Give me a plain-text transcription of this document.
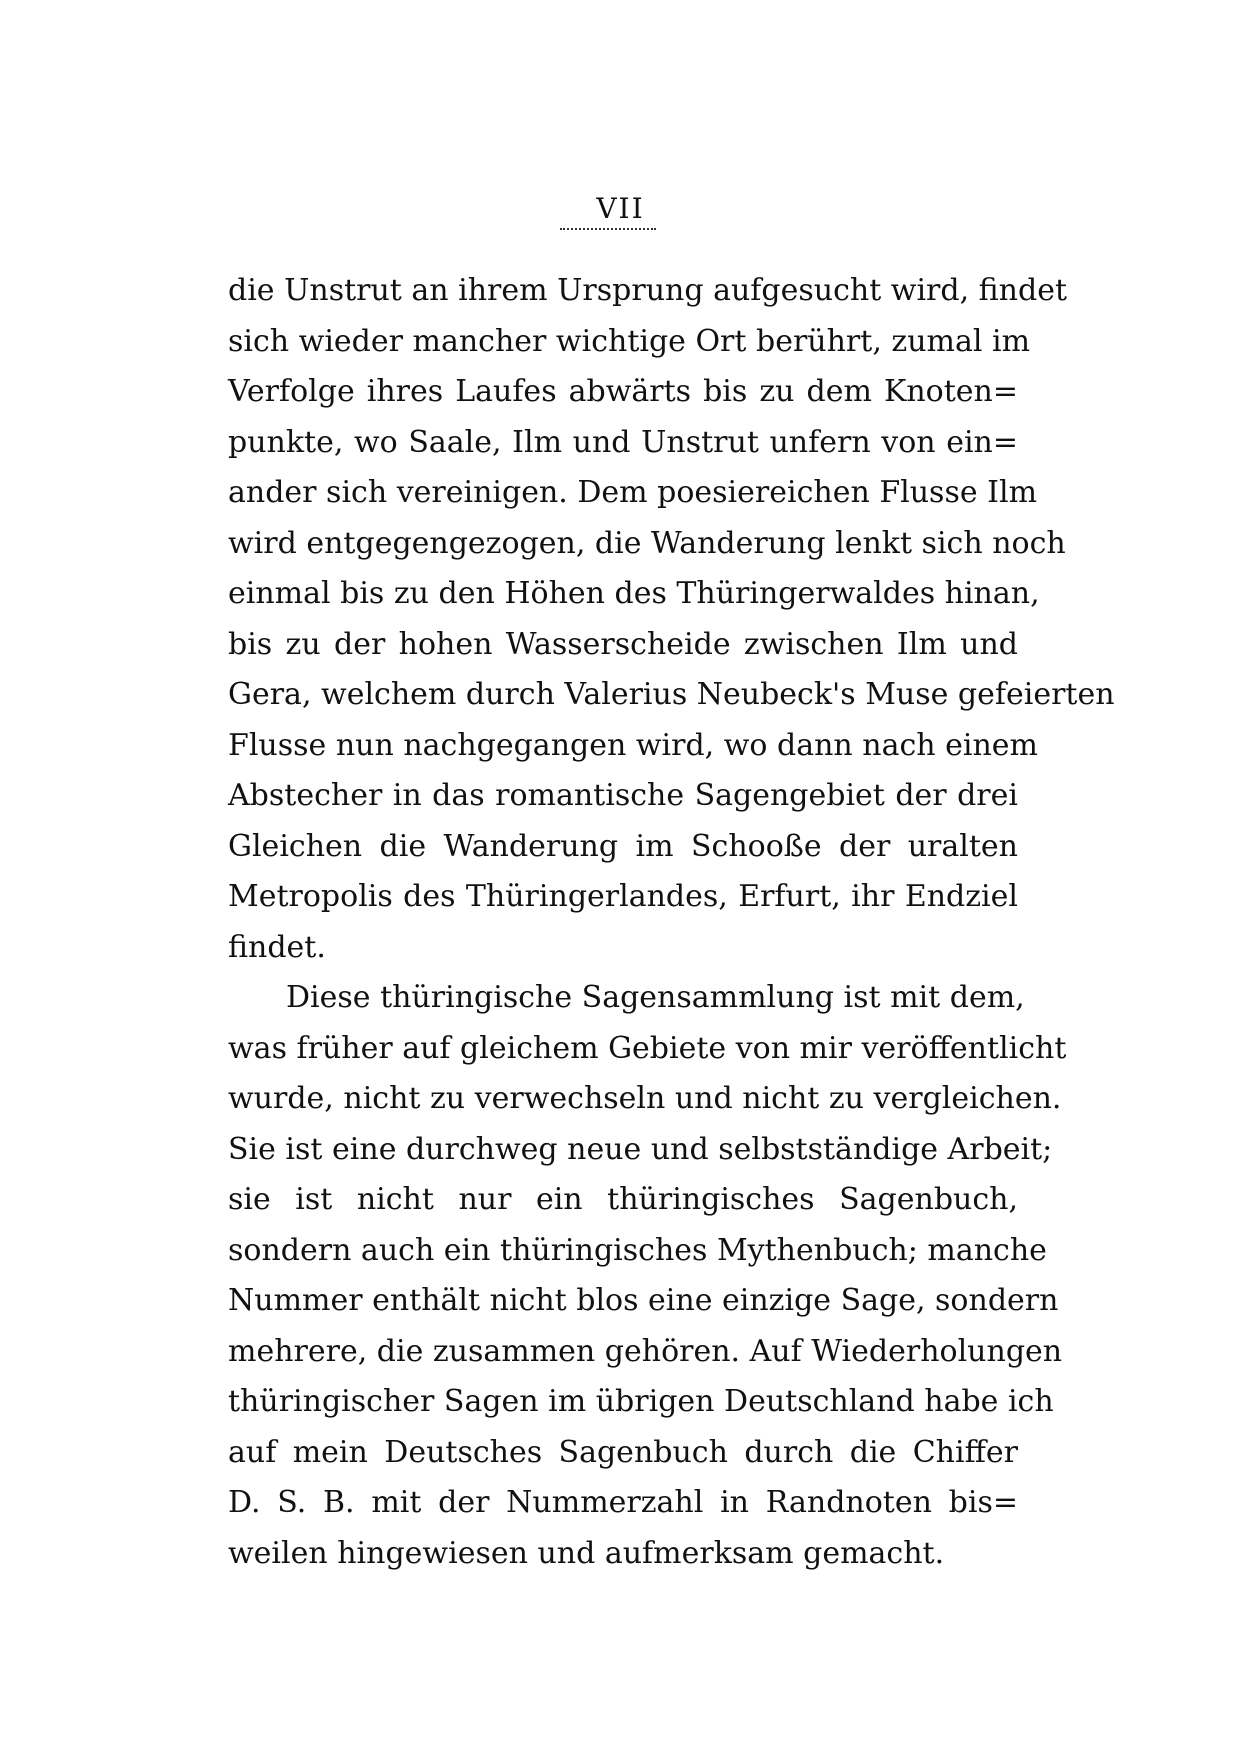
VII
die Unstrut an ihrem Ursprung aufgesucht wird, findet
sich wieder mancher wichtige Ort berührt, zumal im
Verfolge ihres Laufes abwärts bis zu dem Knoten=
punkte, wo Saale, Ilm und Unstrut unfern von ein=
ander sich vereinigen. Dem poesiereichen Flusse Ilm
wird entgegengezogen, die Wanderung lenkt sich noch
einmal bis zu den Höhen des Thüringerwaldes hinan,
bis zu der hohen Wasserscheide zwischen Ilm und
Gera, welchem durch Valerius Neubeck's Muse gefeierten
Flusse nun nachgegangen wird, wo dann nach einem
Abstecher in das romantische Sagengebiet der drei
Gleichen die Wanderung im Schooße der uralten
Metropolis des Thüringerlandes, Erfurt, ihr Endziel
findet.
Diese thüringische Sagensammlung ist mit dem,
was früher auf gleichem Gebiete von mir veröffentlicht
wurde, nicht zu verwechseln und nicht zu vergleichen.
Sie ist eine durchweg neue und selbstständige Arbeit;
sie ist nicht nur ein thüringisches Sagenbuch,
sondern auch ein thüringisches Mythenbuch; manche
Nummer enthält nicht blos eine einzige Sage, sondern
mehrere, die zusammen gehören. Auf Wiederholungen
thüringischer Sagen im übrigen Deutschland habe ich
auf mein Deutsches Sagenbuch durch die Chiffer
D. S. B. mit der Nummerzahl in Randnoten bis=
weilen hingewiesen und aufmerksam gemacht.
